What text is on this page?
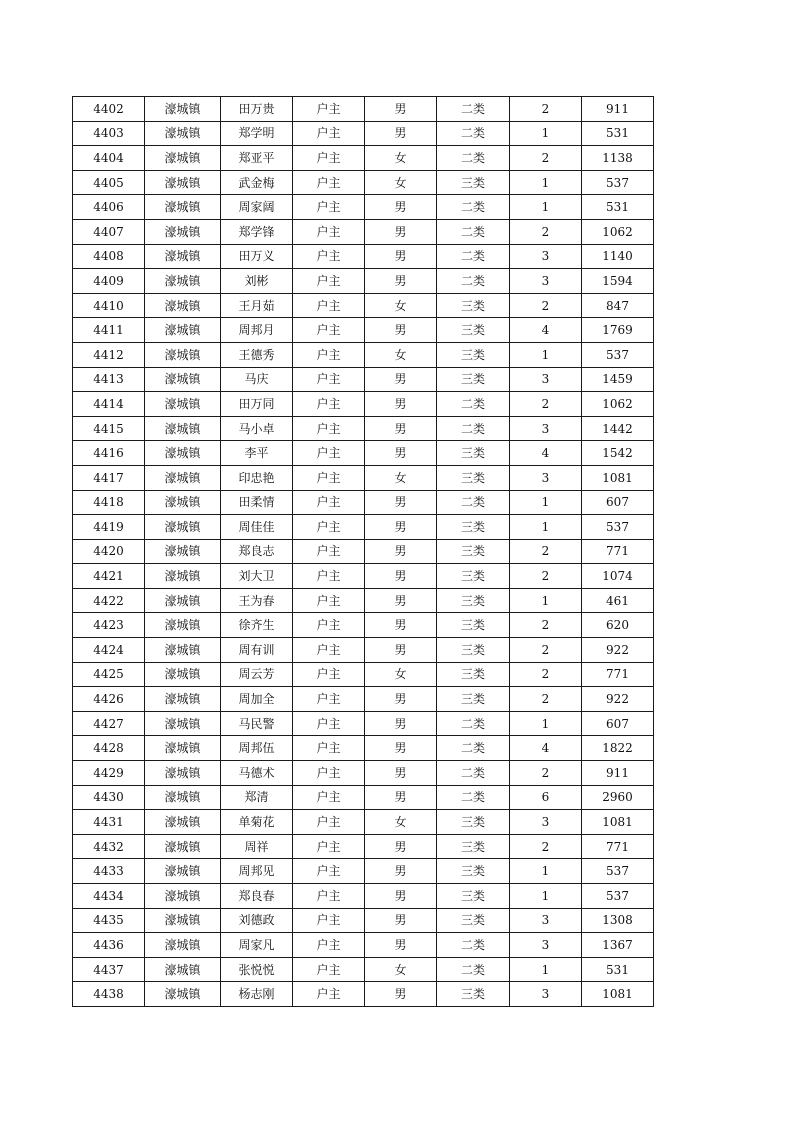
4402	濠城镇	田万贵	户主	男	二类	2	911
4403	濠城镇	郑学明	户主	男	二类	1	531
4404	濠城镇	郑亚平	户主	女	二类	2	1138
4405	濠城镇	武金梅	户主	女	三类	1	537
4406	濠城镇	周家阔	户主	男	二类	1	531
4407	濠城镇	郑学锋	户主	男	二类	2	1062
4408	濠城镇	田万义	户主	男	二类	3	1140
4409	濠城镇	刘彬	户主	男	二类	3	1594
4410	濠城镇	王月茹	户主	女	三类	2	847
4411	濠城镇	周邦月	户主	男	三类	4	1769
4412	濠城镇	王德秀	户主	女	三类	1	537
4413	濠城镇	马庆	户主	男	三类	3	1459
4414	濠城镇	田万同	户主	男	二类	2	1062
4415	濠城镇	马小卓	户主	男	二类	3	1442
4416	濠城镇	李平	户主	男	三类	4	1542
4417	濠城镇	印忠艳	户主	女	三类	3	1081
4418	濠城镇	田柔情	户主	男	二类	1	607
4419	濠城镇	周佳佳	户主	男	三类	1	537
4420	濠城镇	郑良志	户主	男	三类	2	771
4421	濠城镇	刘大卫	户主	男	三类	2	1074
4422	濠城镇	王为春	户主	男	三类	1	461
4423	濠城镇	徐齐生	户主	男	三类	2	620
4424	濠城镇	周有训	户主	男	三类	2	922
4425	濠城镇	周云芳	户主	女	三类	2	771
4426	濠城镇	周加全	户主	男	三类	2	922
4427	濠城镇	马民警	户主	男	二类	1	607
4428	濠城镇	周邦伍	户主	男	二类	4	1822
4429	濠城镇	马德术	户主	男	二类	2	911
4430	濠城镇	郑清	户主	男	二类	6	2960
4431	濠城镇	单菊花	户主	女	三类	3	1081
4432	濠城镇	周祥	户主	男	三类	2	771
4433	濠城镇	周邦见	户主	男	三类	1	537
4434	濠城镇	郑良春	户主	男	三类	1	537
4435	濠城镇	刘德政	户主	男	三类	3	1308
4436	濠城镇	周家凡	户主	男	二类	3	1367
4437	濠城镇	张悦悦	户主	女	二类	1	531
4438	濠城镇	杨志刚	户主	男	三类	3	1081
